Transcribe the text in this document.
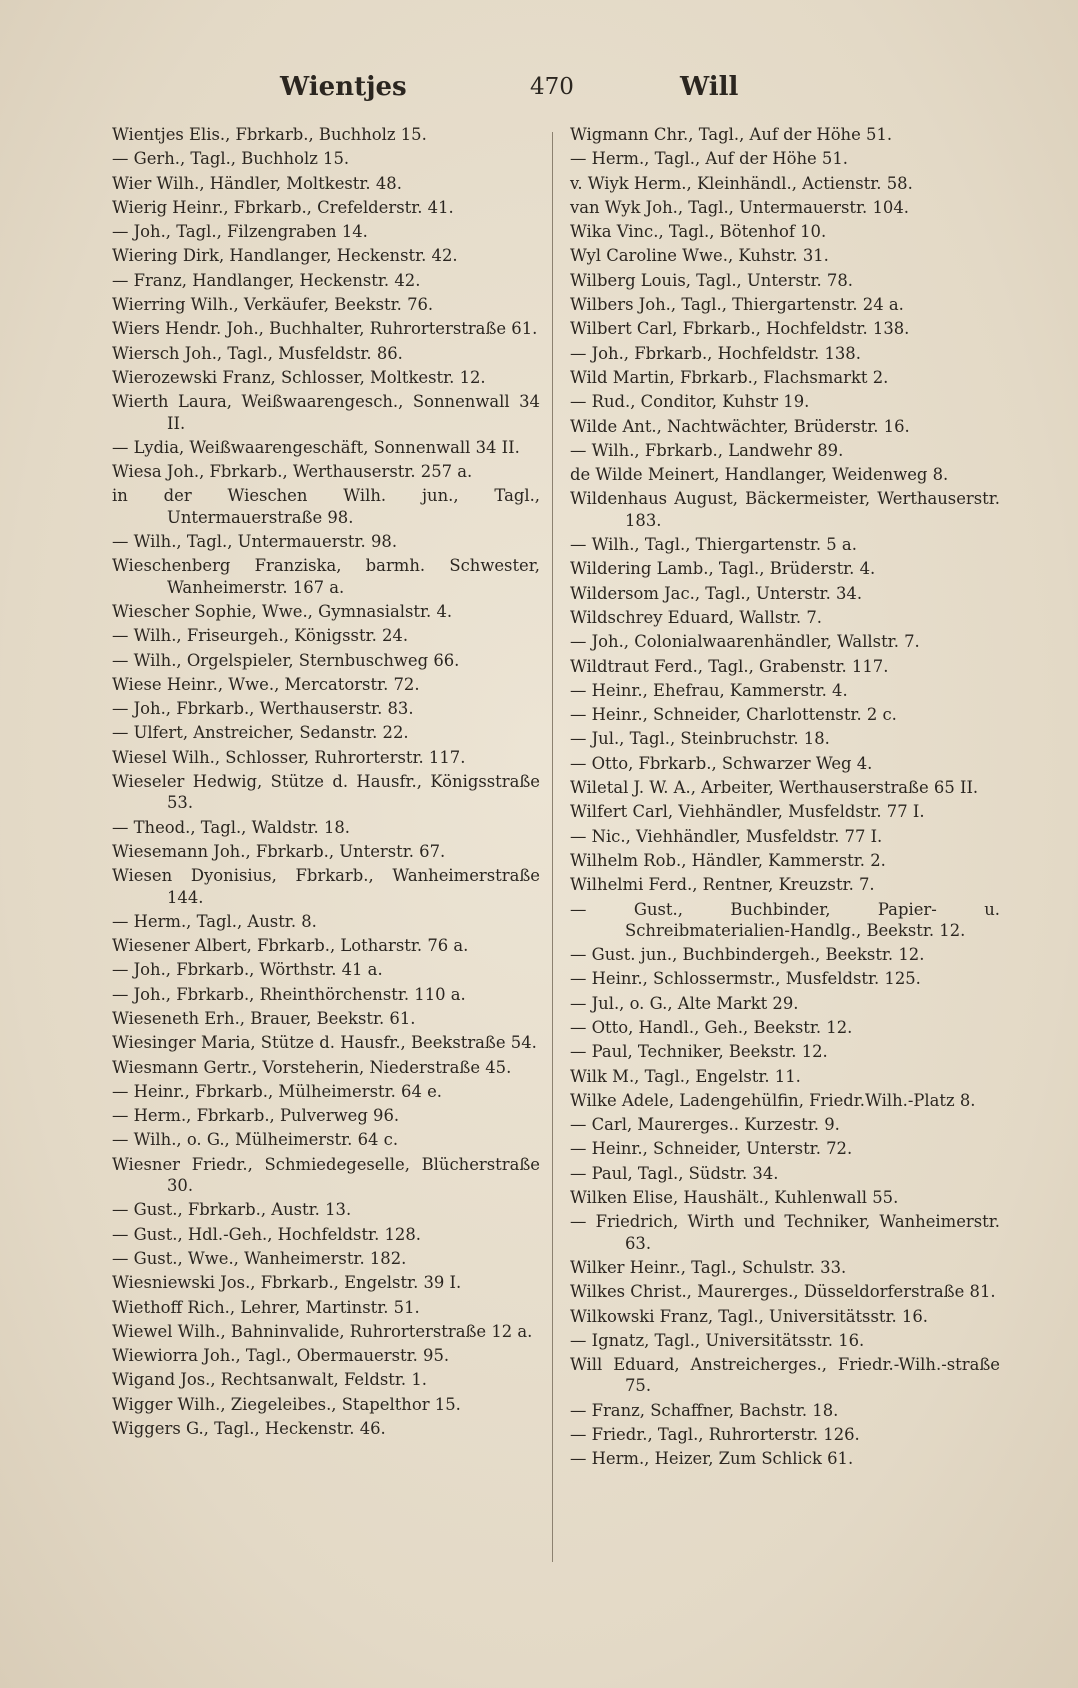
Wientjes	470	Will
Wientjes Elis., Fbrkarb., Buchholz 15.
— Gerh., Tagl., Buchholz 15.
Wier Wilh., Händler, Moltkestr. 48.
Wierig Heinr., Fbrkarb., Crefelderstr. 41.
— Joh., Tagl., Filzengraben 14.
Wiering Dirk, Handlanger, Heckenstr. 42.
— Franz, Handlanger, Heckenstr. 42.
Wierring Wilh., Verkäufer, Beekstr. 76.
Wiers Hendr. Joh., Buchhalter, Ruhrorterstraße 61.
Wiersch Joh., Tagl., Musfeldstr. 86.
Wierozewski Franz, Schlosser, Moltkestr. 12.
Wierth Laura, Weißwaarengesch., Sonnenwall 34 II.
— Lydia, Weißwaarengeschäft, Sonnenwall 34 II.
Wiesa Joh., Fbrkarb., Werthauserstr. 257 a.
in der Wieschen Wilh. jun., Tagl., Untermauerstraße 98.
— Wilh., Tagl., Untermauerstr. 98.
Wieschenberg Franziska, barmh. Schwester, Wanheimerstr. 167 a.
Wiescher Sophie, Wwe., Gymnasialstr. 4.
— Wilh., Friseurgeh., Königsstr. 24.
— Wilh., Orgelspieler, Sternbuschweg 66.
Wiese Heinr., Wwe., Mercatorstr. 72.
— Joh., Fbrkarb., Werthauserstr. 83.
— Ulfert, Anstreicher, Sedanstr. 22.
Wiesel Wilh., Schlosser, Ruhrorterstr. 117.
Wieseler Hedwig, Stütze d. Hausfr., Königsstraße 53.
— Theod., Tagl., Waldstr. 18.
Wiesemann Joh., Fbrkarb., Unterstr. 67.
Wiesen Dyonisius, Fbrkarb., Wanheimerstraße 144.
— Herm., Tagl., Austr. 8.
Wiesener Albert, Fbrkarb., Lotharstr. 76 a.
— Joh., Fbrkarb., Wörthstr. 41 a.
— Joh., Fbrkarb., Rheinthörchenstr. 110 a.
Wieseneth Erh., Brauer, Beekstr. 61.
Wiesinger Maria, Stütze d. Hausfr., Beekstraße 54.
Wiesmann Gertr., Vorsteherin, Niederstraße 45.
— Heinr., Fbrkarb., Mülheimerstr. 64 e.
— Herm., Fbrkarb., Pulverweg 96.
— Wilh., o. G., Mülheimerstr. 64 c.
Wiesner Friedr., Schmiedegeselle, Blücherstraße 30.
— Gust., Fbrkarb., Austr. 13.
— Gust., Hdl.-Geh., Hochfeldstr. 128.
— Gust., Wwe., Wanheimerstr. 182.
Wiesniewski Jos., Fbrkarb., Engelstr. 39 I.
Wiethoff Rich., Lehrer, Martinstr. 51.
Wiewel Wilh., Bahninvalide, Ruhrorterstraße 12 a.
Wiewiorra Joh., Tagl., Obermauerstr. 95.
Wigand Jos., Rechtsanwalt, Feldstr. 1.
Wigger Wilh., Ziegeleibes., Stapelthor 15.
Wiggers G., Tagl., Heckenstr. 46.
Wigmann Chr., Tagl., Auf der Höhe 51.
— Herm., Tagl., Auf der Höhe 51.
v. Wiyk Herm., Kleinhändl., Actienstr. 58.
van Wyk Joh., Tagl., Untermauerstr. 104.
Wika Vinc., Tagl., Bötenhof 10.
Wyl Caroline Wwe., Kuhstr. 31.
Wilberg Louis, Tagl., Unterstr. 78.
Wilbers Joh., Tagl., Thiergartenstr. 24 a.
Wilbert Carl, Fbrkarb., Hochfeldstr. 138.
— Joh., Fbrkarb., Hochfeldstr. 138.
Wild Martin, Fbrkarb., Flachsmarkt 2.
— Rud., Conditor, Kuhstr 19.
Wilde Ant., Nachtwächter, Brüderstr. 16.
— Wilh., Fbrkarb., Landwehr 89.
de Wilde Meinert, Handlanger, Weidenweg 8.
Wildenhaus August, Bäckermeister, Werthauserstr. 183.
— Wilh., Tagl., Thiergartenstr. 5 a.
Wildering Lamb., Tagl., Brüderstr. 4.
Wildersom Jac., Tagl., Unterstr. 34.
Wildschrey Eduard, Wallstr. 7.
— Joh., Colonialwaarenhändler, Wallstr. 7.
Wildtraut Ferd., Tagl., Grabenstr. 117.
— Heinr., Ehefrau, Kammerstr. 4.
— Heinr., Schneider, Charlottenstr. 2 c.
— Jul., Tagl., Steinbruchstr. 18.
— Otto, Fbrkarb., Schwarzer Weg 4.
Wiletal J. W. A., Arbeiter, Werthauserstraße 65 II.
Wilfert Carl, Viehhändler, Musfeldstr. 77 I.
— Nic., Viehhändler, Musfeldstr. 77 I.
Wilhelm Rob., Händler, Kammerstr. 2.
Wilhelmi Ferd., Rentner, Kreuzstr. 7.
— Gust., Buchbinder, Papier- u. Schreibmaterialien-Handlg., Beekstr. 12.
— Gust. jun., Buchbindergeh., Beekstr. 12.
— Heinr., Schlossermstr., Musfeldstr. 125.
— Jul., o. G., Alte Markt 29.
— Otto, Handl., Geh., Beekstr. 12.
— Paul, Techniker, Beekstr. 12.
Wilk M., Tagl., Engelstr. 11.
Wilke Adele, Ladengehülfin, Friedr.Wilh.-Platz 8.
— Carl, Maurerges.. Kurzestr. 9.
— Heinr., Schneider, Unterstr. 72.
— Paul, Tagl., Südstr. 34.
Wilken Elise, Haushält., Kuhlenwall 55.
— Friedrich, Wirth und Techniker, Wanheimerstr. 63.
Wilker Heinr., Tagl., Schulstr. 33.
Wilkes Christ., Maurerges., Düsseldorferstraße 81.
Wilkowski Franz, Tagl., Universitätsstr. 16.
— Ignatz, Tagl., Universitätsstr. 16.
Will Eduard, Anstreicherges., Friedr.-Wilh.-straße 75.
— Franz, Schaffner, Bachstr. 18.
— Friedr., Tagl., Ruhrorterstr. 126.
— Herm., Heizer, Zum Schlick 61.
